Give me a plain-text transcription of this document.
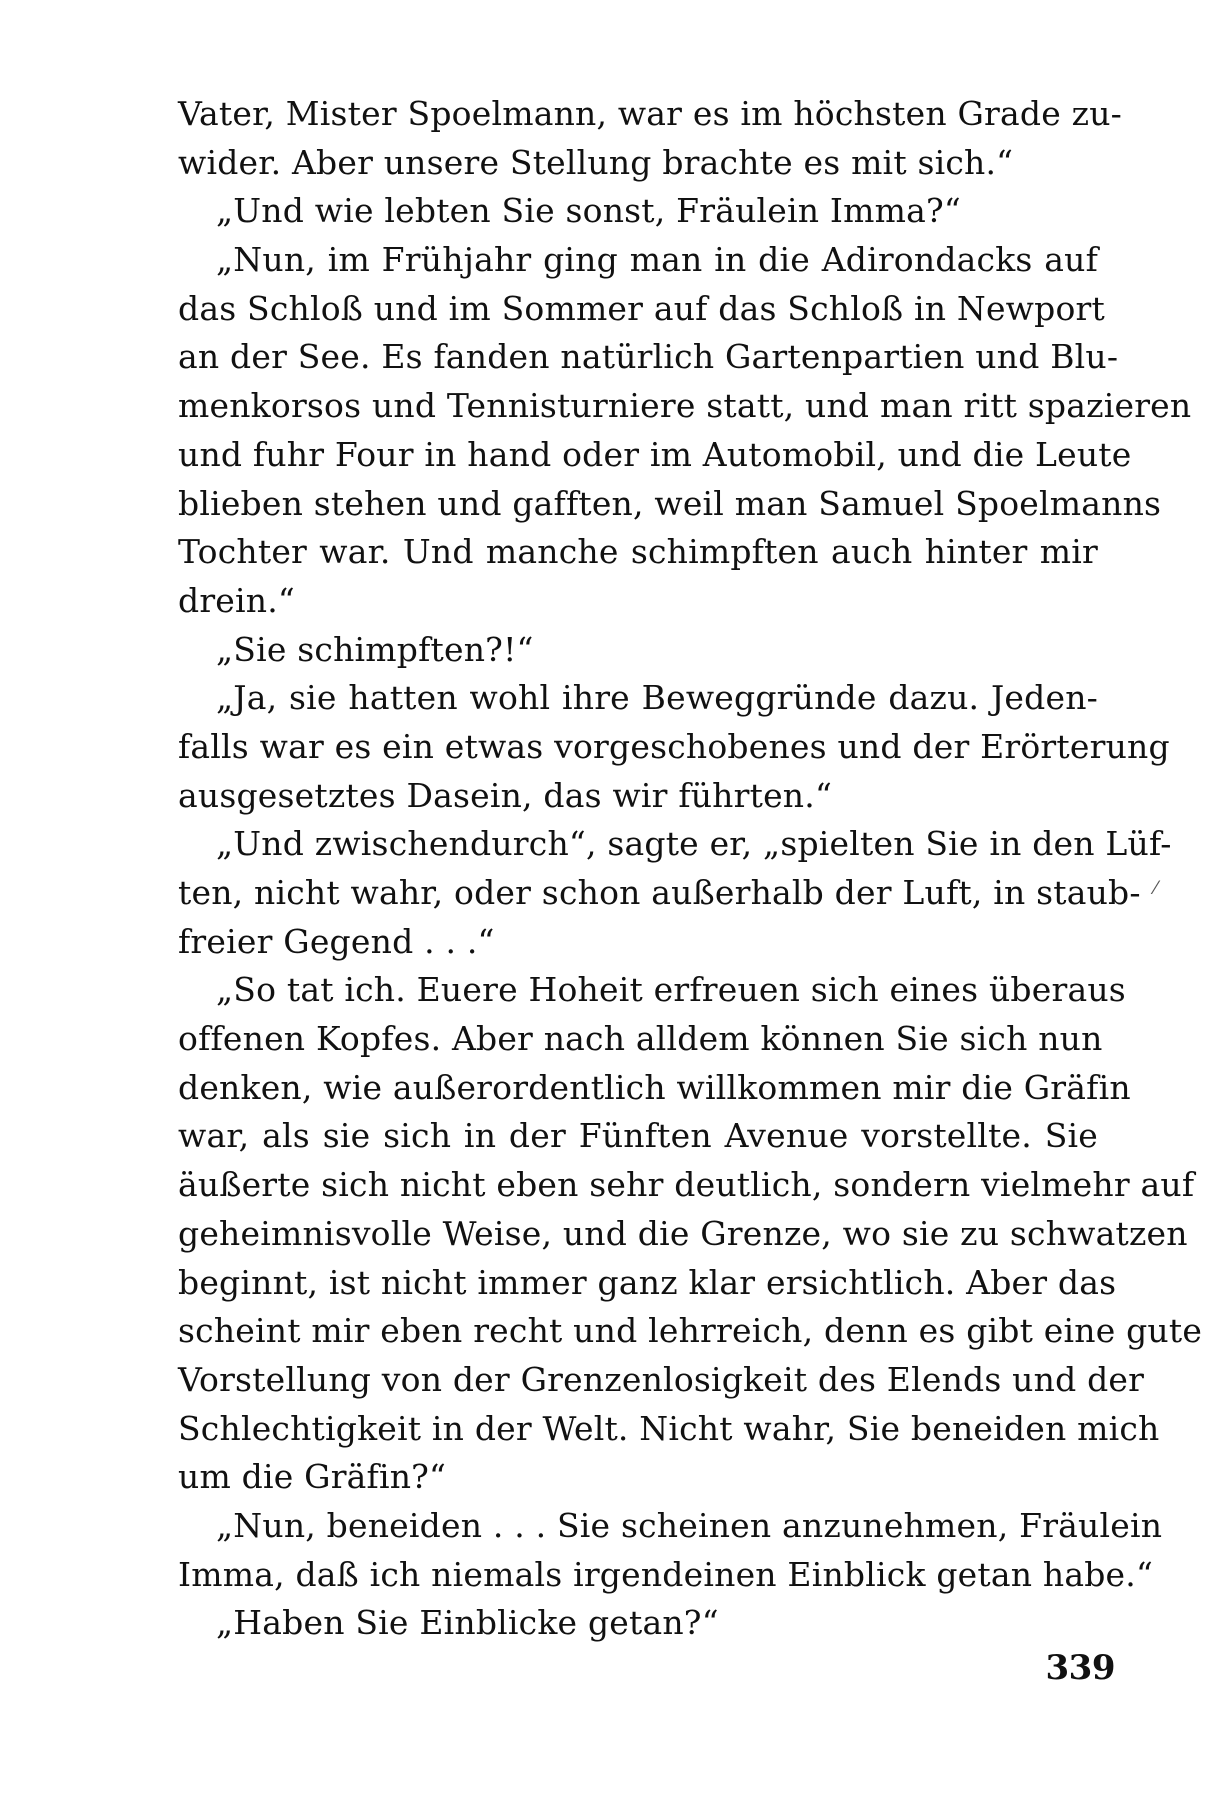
Vater, Mister Spoelmann, war es im höchsten Grade zu-
wider. Aber unsere Stellung brachte es mit sich.“
„Und wie lebten Sie sonst, Fräulein Imma?“
„Nun, im Frühjahr ging man in die Adirondacks auf
das Schloß und im Sommer auf das Schloß in Newport
an der See. Es fanden natürlich Gartenpartien und Blu-
menkorsos und Tennisturniere statt, und man ritt spazieren
und fuhr Four in hand oder im Automobil, und die Leute
blieben stehen und gafften, weil man Samuel Spoelmanns
Tochter war. Und manche schimpften auch hinter mir
drein.“
„Sie schimpften?!“
„Ja, sie hatten wohl ihre Beweggründe dazu. Jeden-
falls war es ein etwas vorgeschobenes und der Erörterung
ausgesetztes Dasein, das wir führten.“
„Und zwischendurch“, sagte er, „spielten Sie in den Lüf-
ten, nicht wahr, oder schon außerhalb der Luft, in staub-
freier Gegend . . .“
„So tat ich. Euere Hoheit erfreuen sich eines überaus
offenen Kopfes. Aber nach alldem können Sie sich nun
denken, wie außerordentlich willkommen mir die Gräfin
war, als sie sich in der Fünften Avenue vorstellte. Sie
äußerte sich nicht eben sehr deutlich, sondern vielmehr auf
geheimnisvolle Weise, und die Grenze, wo sie zu schwatzen
beginnt, ist nicht immer ganz klar ersichtlich. Aber das
scheint mir eben recht und lehrreich, denn es gibt eine gute
Vorstellung von der Grenzenlosigkeit des Elends und der
Schlechtigkeit in der Welt. Nicht wahr, Sie beneiden mich
um die Gräfin?“
„Nun, beneiden . . . Sie scheinen anzunehmen, Fräulein
Imma, daß ich niemals irgendeinen Einblick getan habe.“
„Haben Sie Einblicke getan?“
⁄
339
